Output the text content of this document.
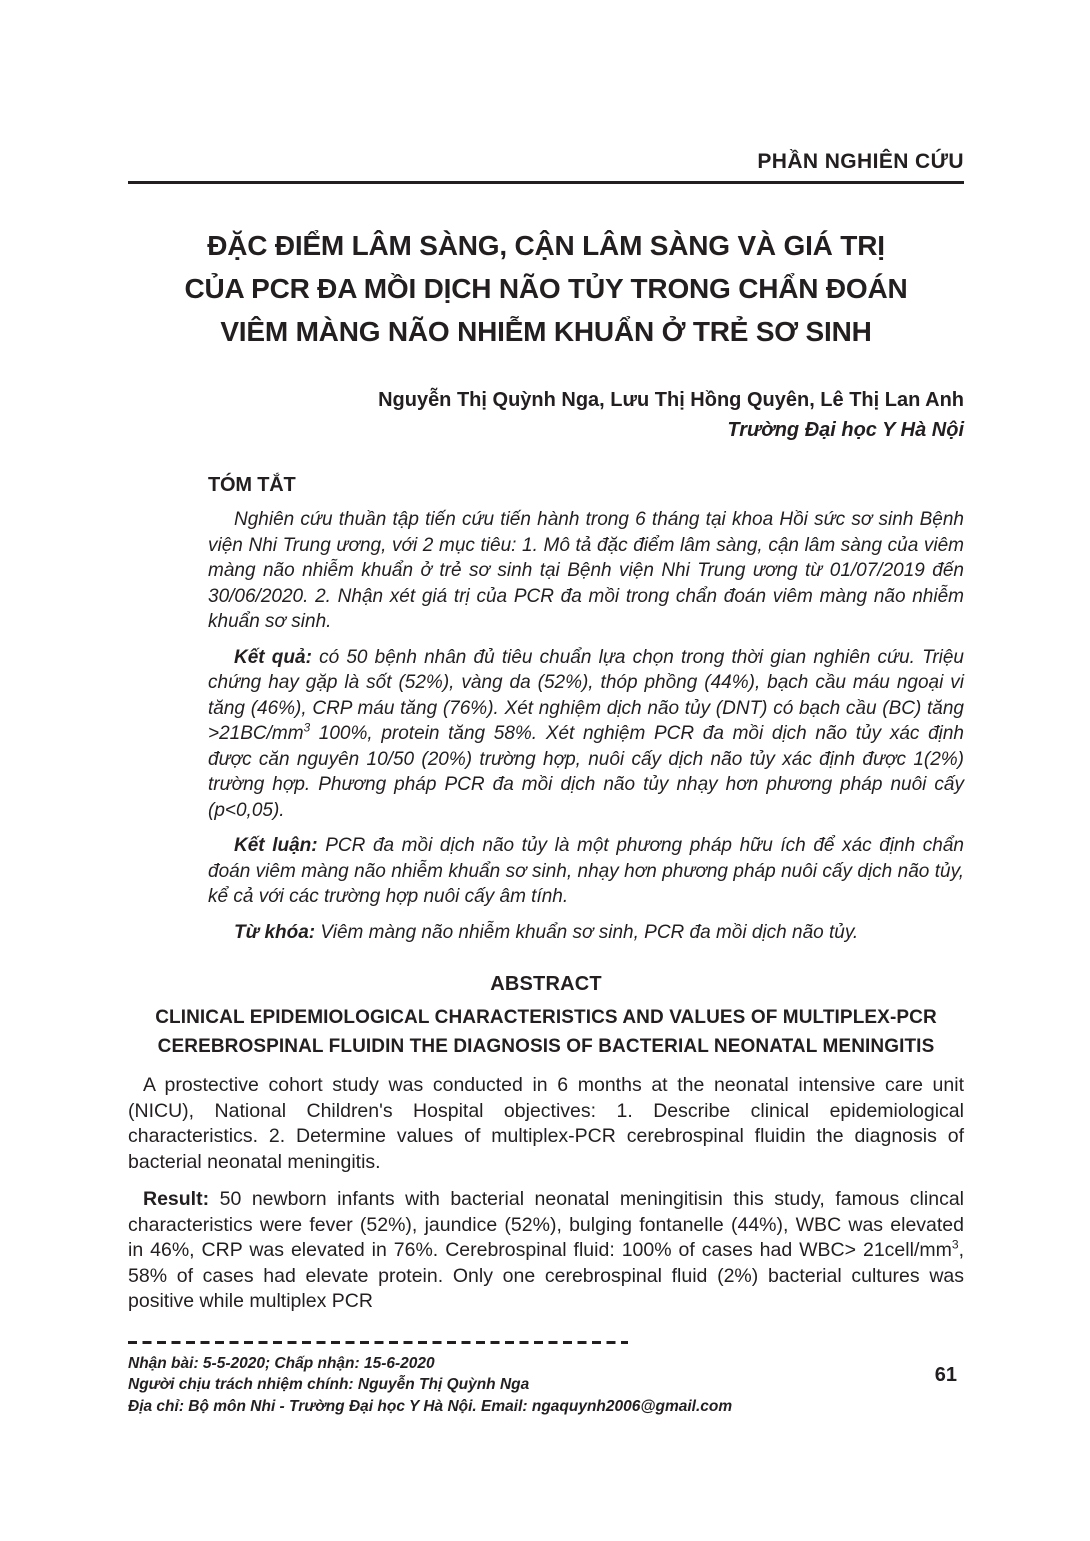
PHẦN NGHIÊN CỨU
ĐẶC ĐIỂM LÂM SÀNG, CẬN LÂM SÀNG VÀ GIÁ TRỊ
CỦA PCR ĐA MỒI DỊCH NÃO TỦY TRONG CHẨN ĐOÁN
VIÊM MÀNG NÃO NHIỄM KHUẨN Ở TRẺ SƠ SINH
Nguyễn Thị Quỳnh Nga, Lưu Thị Hồng Quyên, Lê Thị Lan Anh
Trường Đại học Y Hà Nội
TÓM TẮT

Nghiên cứu thuần tập tiến cứu tiến hành trong 6 tháng tại khoa Hồi sức sơ sinh Bệnh viện Nhi Trung ương, với 2 mục tiêu: 1. Mô tả đặc điểm lâm sàng, cận lâm sàng của viêm màng não nhiễm khuẩn ở trẻ sơ sinh tại Bệnh viện Nhi Trung ương từ 01/07/2019 đến 30/06/2020. 2. Nhận xét giá trị của PCR đa mồi trong chẩn đoán viêm màng não nhiễm khuẩn sơ sinh.

Kết quả: có 50 bệnh nhân đủ tiêu chuẩn lựa chọn trong thời gian nghiên cứu. Triệu chứng hay gặp là sốt (52%), vàng da (52%), thóp phồng (44%), bạch cầu máu ngoại vi tăng (46%), CRP máu tăng (76%). Xét nghiệm dịch não tủy (DNT) có bạch cầu (BC) tăng $>21BC/mm^3$ 100%, protein tăng 58%. Xét nghiệm PCR đa mồi dịch não tủy xác định được căn nguyên 10/50 (20%) trường hợp, nuôi cấy dịch não tủy xác định được 1(2%) trường hợp. Phương pháp PCR đa mồi dịch não tủy nhạy hơn phương pháp nuôi cấy (p<0,05).

Kết luận: PCR đa mồi dịch não tủy là một phương pháp hữu ích để xác định chẩn đoán viêm màng não nhiễm khuẩn sơ sinh, nhạy hơn phương pháp nuôi cấy dịch não tủy, kể cả với các trường hợp nuôi cấy âm tính.

Từ khóa: Viêm màng não nhiễm khuẩn sơ sinh, PCR đa mồi dịch não tủy.

ABSTRACT
CLINICAL EPIDEMIOLOGICAL CHARACTERISTICS AND VALUES OF MULTIPLEX-PCR
CEREBROSPINAL FLUIDIN THE DIAGNOSIS OF BACTERIAL NEONATAL MENINGITIS

A prostective cohort study was conducted in 6 months at the neonatal intensive care unit (NICU), National Children's Hospital objectives: 1. Describe clinical epidemiological characteristics. 2. Determine values of multiplex-PCR cerebrospinal fluidin the diagnosis of bacterial neonatal meningitis.

Result: 50 newborn infants with bacterial neonatal meningitisin this study, famous clincal characteristics were fever (52%), jaundice (52%), bulging fontanelle (44%), WBC was elevated in 46%, CRP was elevated in 76%. Cerebrospinal fluid: 100% of cases had $WBC> 21cell/mm^3$, 58% of cases had elevate protein. Only one cerebrospinal fluid (2%) bacterial cultures was positive while multiplex PCR

Nhận bài: 5-5-2020; Chấp nhận: 15-6-2020

Người chịu trách nhiệm chính: Nguyễn Thị Quỳnh Nga

Địa chỉ: Bộ môn Nhi - Trường Đại học Y Hà Nội. Email: ngaquynh2006@gmail.com

61
